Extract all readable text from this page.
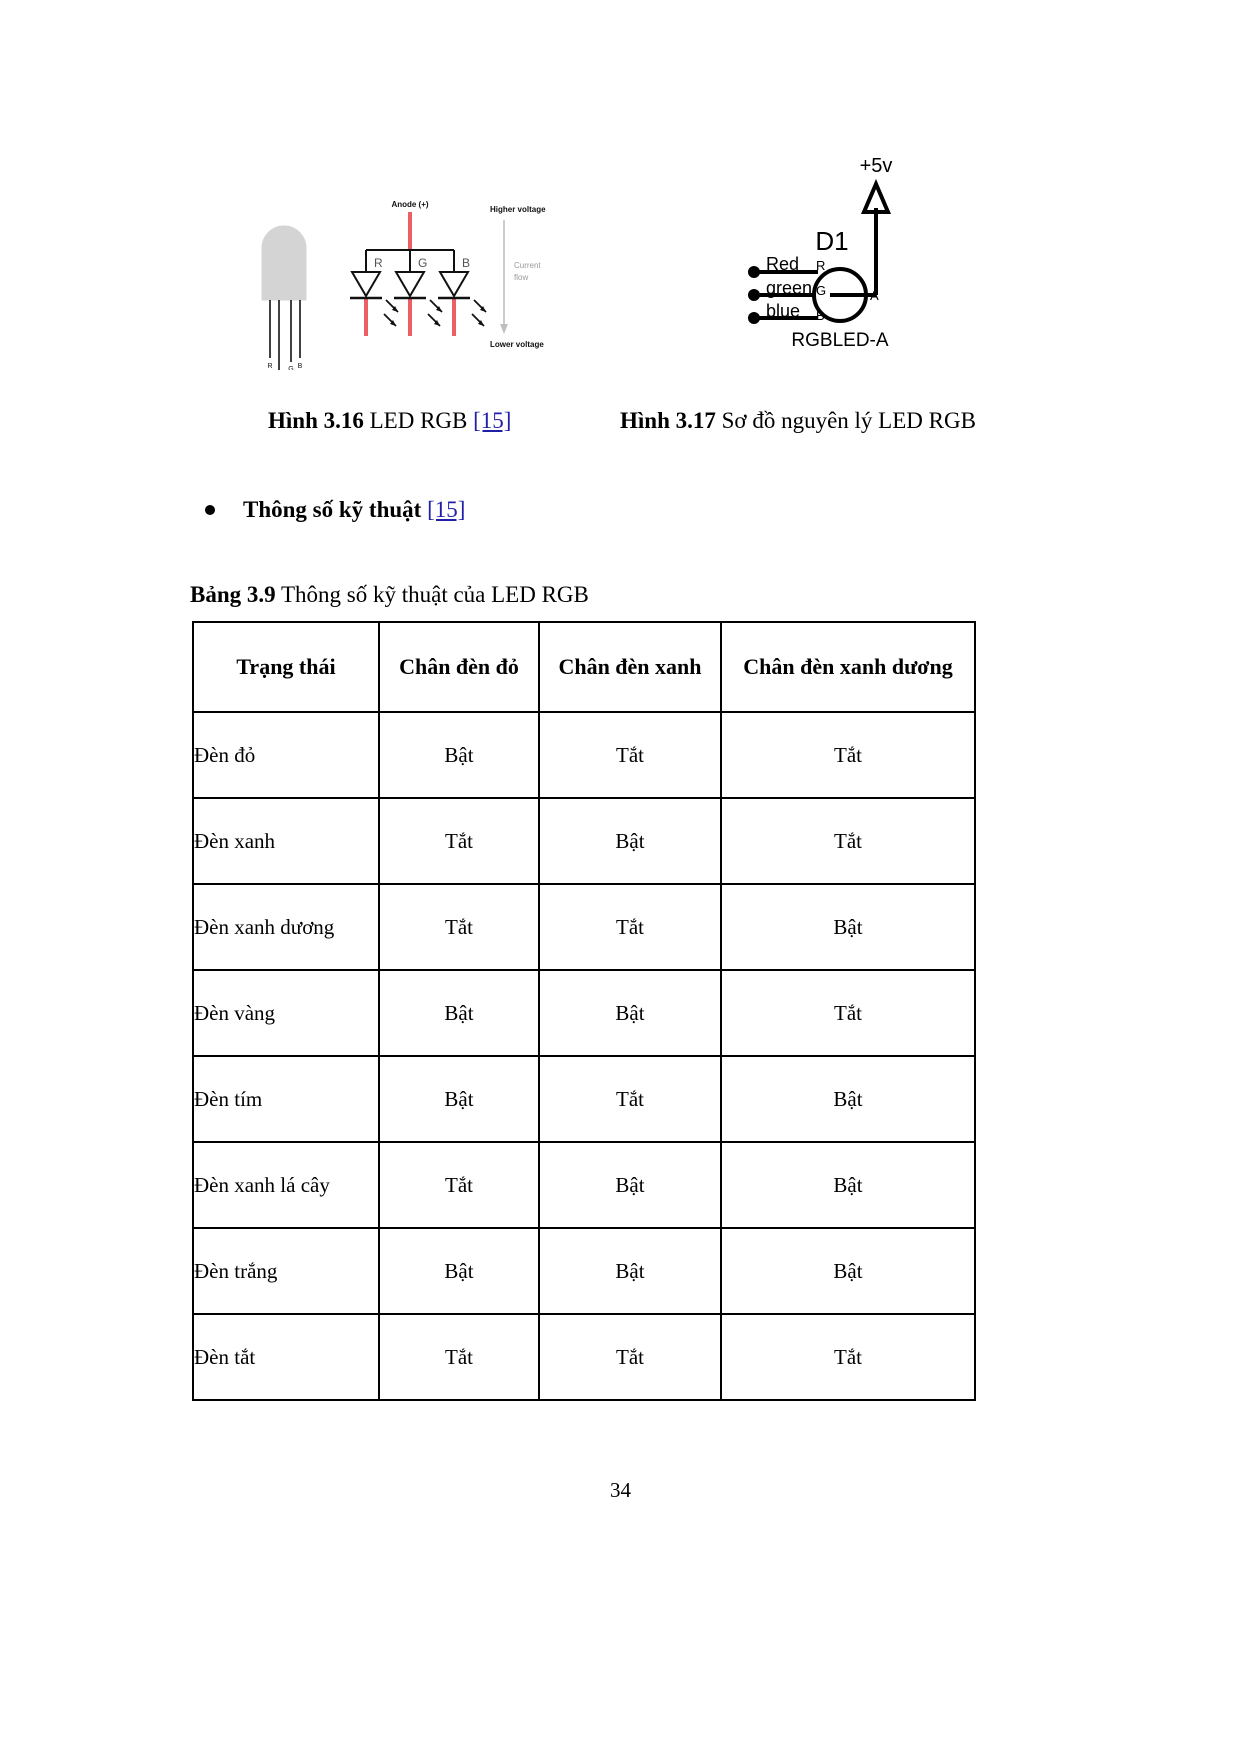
R G B
Anode (+)
R	G	B
Higher voltage
Current
flow
Lower voltage
+5v
D1
Red
green
blue
R
G
B
A
RGBLED-A
Hình 3.16 LED RGB [15]	Hình 3.17 Sơ đồ nguyên lý LED RGB
Thông số kỹ thuật [15]
Bảng 3.9 Thông số kỹ thuật của LED RGB
Trạng thái	Chân đèn đỏ	Chân đèn xanh	Chân đèn xanh dương
Đèn đỏ	Bật	Tắt	Tắt
Đèn xanh	Tắt	Bật	Tắt
Đèn xanh dương	Tắt	Tắt	Bật
Đèn vàng	Bật	Bật	Tắt
Đèn tím	Bật	Tắt	Bật
Đèn xanh lá cây	Tắt	Bật	Bật
Đèn trắng	Bật	Bật	Bật
Đèn tắt	Tắt	Tắt	Tắt
34
